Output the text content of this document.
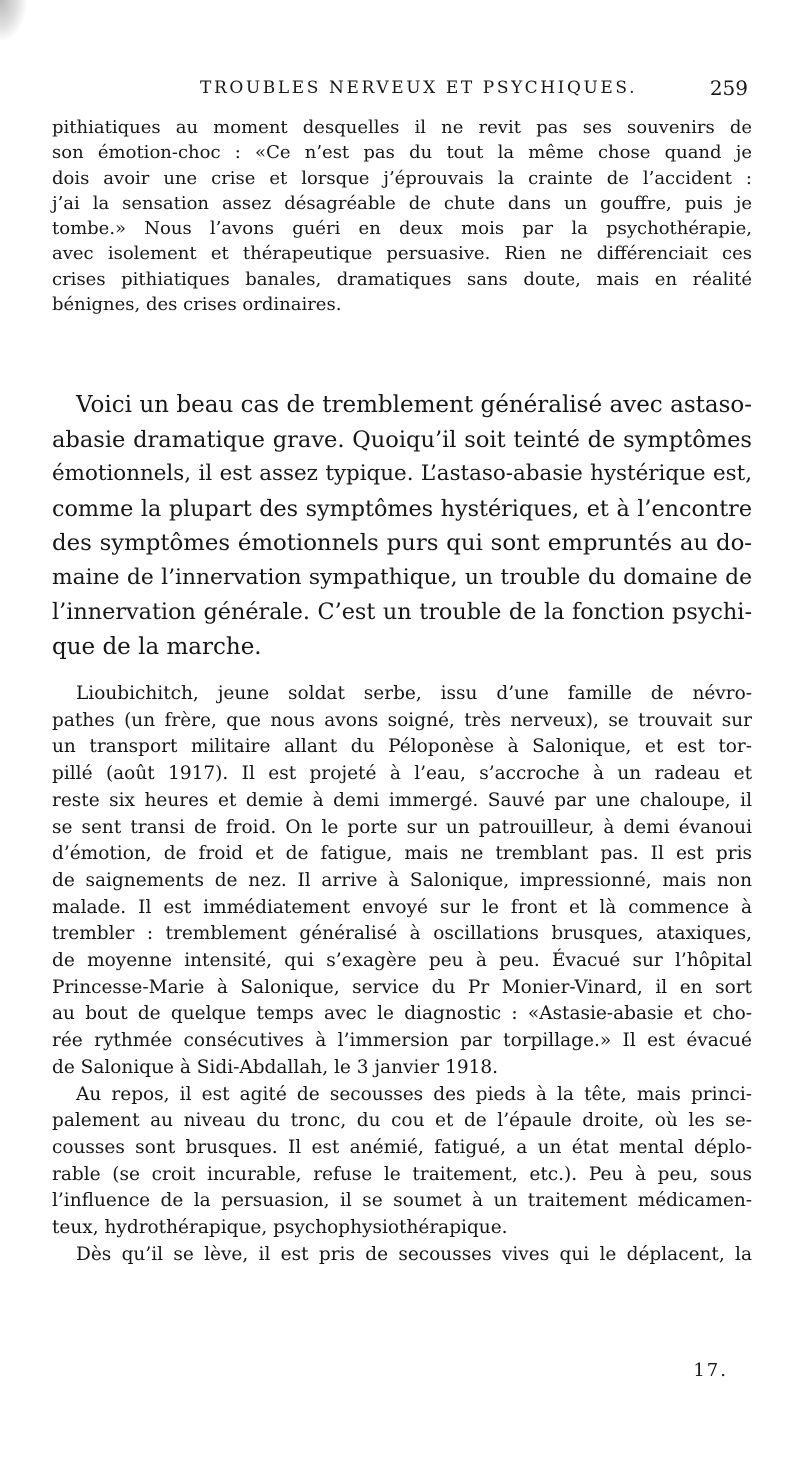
TROUBLES NERVEUX ET PSYCHIQUES.	259
pithiatiques au moment desquelles il ne revit pas ses souvenirs de
son émotion-choc : «Ce n’est pas du tout la même chose quand je
dois avoir une crise et lorsque j’éprouvais la crainte de l’accident :
j’ai la sensation assez désagréable de chute dans un gouffre, puis je
tombe.» Nous l’avons guéri en deux mois par la psychothérapie,
avec isolement et thérapeutique persuasive. Rien ne différenciait ces
crises pithiatiques banales, dramatiques sans doute, mais en réalité
bénignes, des crises ordinaires.
Voici un beau cas de tremblement généralisé avec astaso-
abasie dramatique grave. Quoiqu’il soit teinté de symptômes
émotionnels, il est assez typique. L’astaso-abasie hystérique est,
comme la plupart des symptômes hystériques, et à l’encontre
des symptômes émotionnels purs qui sont empruntés au do-
maine de l’innervation sympathique, un trouble du domaine de
l’innervation générale. C’est un trouble de la fonction psychi-
que de la marche.
Lioubichitch, jeune soldat serbe, issu d’une famille de névro-
pathes (un frère, que nous avons soigné, très nerveux), se trouvait sur
un transport militaire allant du Péloponèse à Salonique, et est tor-
pillé (août 1917). Il est projeté à l’eau, s’accroche à un radeau et
reste six heures et demie à demi immergé. Sauvé par une chaloupe, il
se sent transi de froid. On le porte sur un patrouilleur, à demi évanoui
d’émotion, de froid et de fatigue, mais ne tremblant pas. Il est pris
de saignements de nez. Il arrive à Salonique, impressionné, mais non
malade. Il est immédiatement envoyé sur le front et là commence à
trembler : tremblement généralisé à oscillations brusques, ataxiques,
de moyenne intensité, qui s’exagère peu à peu. Évacué sur l’hôpital
Princesse-Marie à Salonique, service du Pr Monier-Vinard, il en sort
au bout de quelque temps avec le diagnostic : «Astasie-abasie et cho-
rée rythmée consécutives à l’immersion par torpillage.» Il est évacué
de Salonique à Sidi-Abdallah, le 3 janvier 1918.
Au repos, il est agité de secousses des pieds à la tête, mais princi-
palement au niveau du tronc, du cou et de l’épaule droite, où les se-
cousses sont brusques. Il est anémié, fatigué, a un état mental déplo-
rable (se croit incurable, refuse le traitement, etc.). Peu à peu, sous
l’influence de la persuasion, il se soumet à un traitement médicamen-
teux, hydrothérapique, psychophysiothérapique.
Dès qu’il se lève, il est pris de secousses vives qui le déplacent, la
17.
